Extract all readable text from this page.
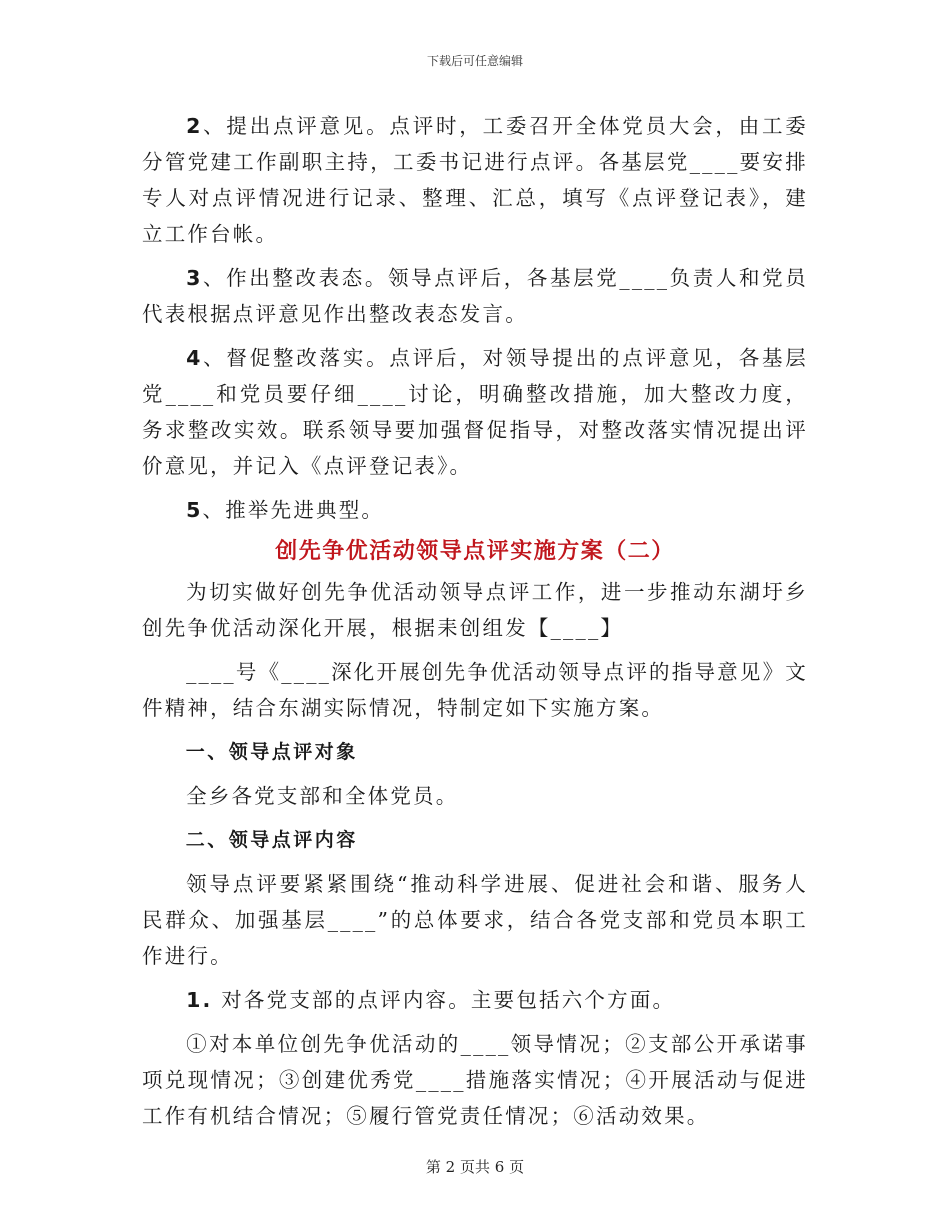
下载后可任意编辑

2、提出点评意见。点评时，工委召开全体党员大会，由工委分管党建工作副职主持，工委书记进行点评。各基层党____要安排专人对点评情况进行记录、整理、汇总，填写《点评登记表》，建立工作台帐。

3、作出整改表态。领导点评后，各基层党____负责人和党员代表根据点评意见作出整改表态发言。

4、督促整改落实。点评后，对领导提出的点评意见，各基层党____和党员要仔细____讨论，明确整改措施，加大整改力度，务求整改实效。联系领导要加强督促指导，对整改落实情况提出评价意见，并记入《点评登记表》。

5、推举先进典型。

创先争优活动领导点评实施方案（二）

为切实做好创先争优活动领导点评工作，进一步推动东湖圩乡创先争优活动深化开展，根据耒创组发【____】

____号《____深化开展创先争优活动领导点评的指导意见》文件精神，结合东湖实际情况，特制定如下实施方案。

一、领导点评对象

全乡各党支部和全体党员。

二、领导点评内容

领导点评要紧紧围绕“推动科学进展、促进社会和谐、服务人民群众、加强基层____”的总体要求，结合各党支部和党员本职工作进行。

1. 对各党支部的点评内容。主要包括六个方面。

①对本单位创先争优活动的____领导情况；②支部公开承诺事项兑现情况；③创建优秀党____措施落实情况；④开展活动与促进工作有机结合情况；⑤履行管党责任情况；⑥活动效果。

第 2 页共 6 页
